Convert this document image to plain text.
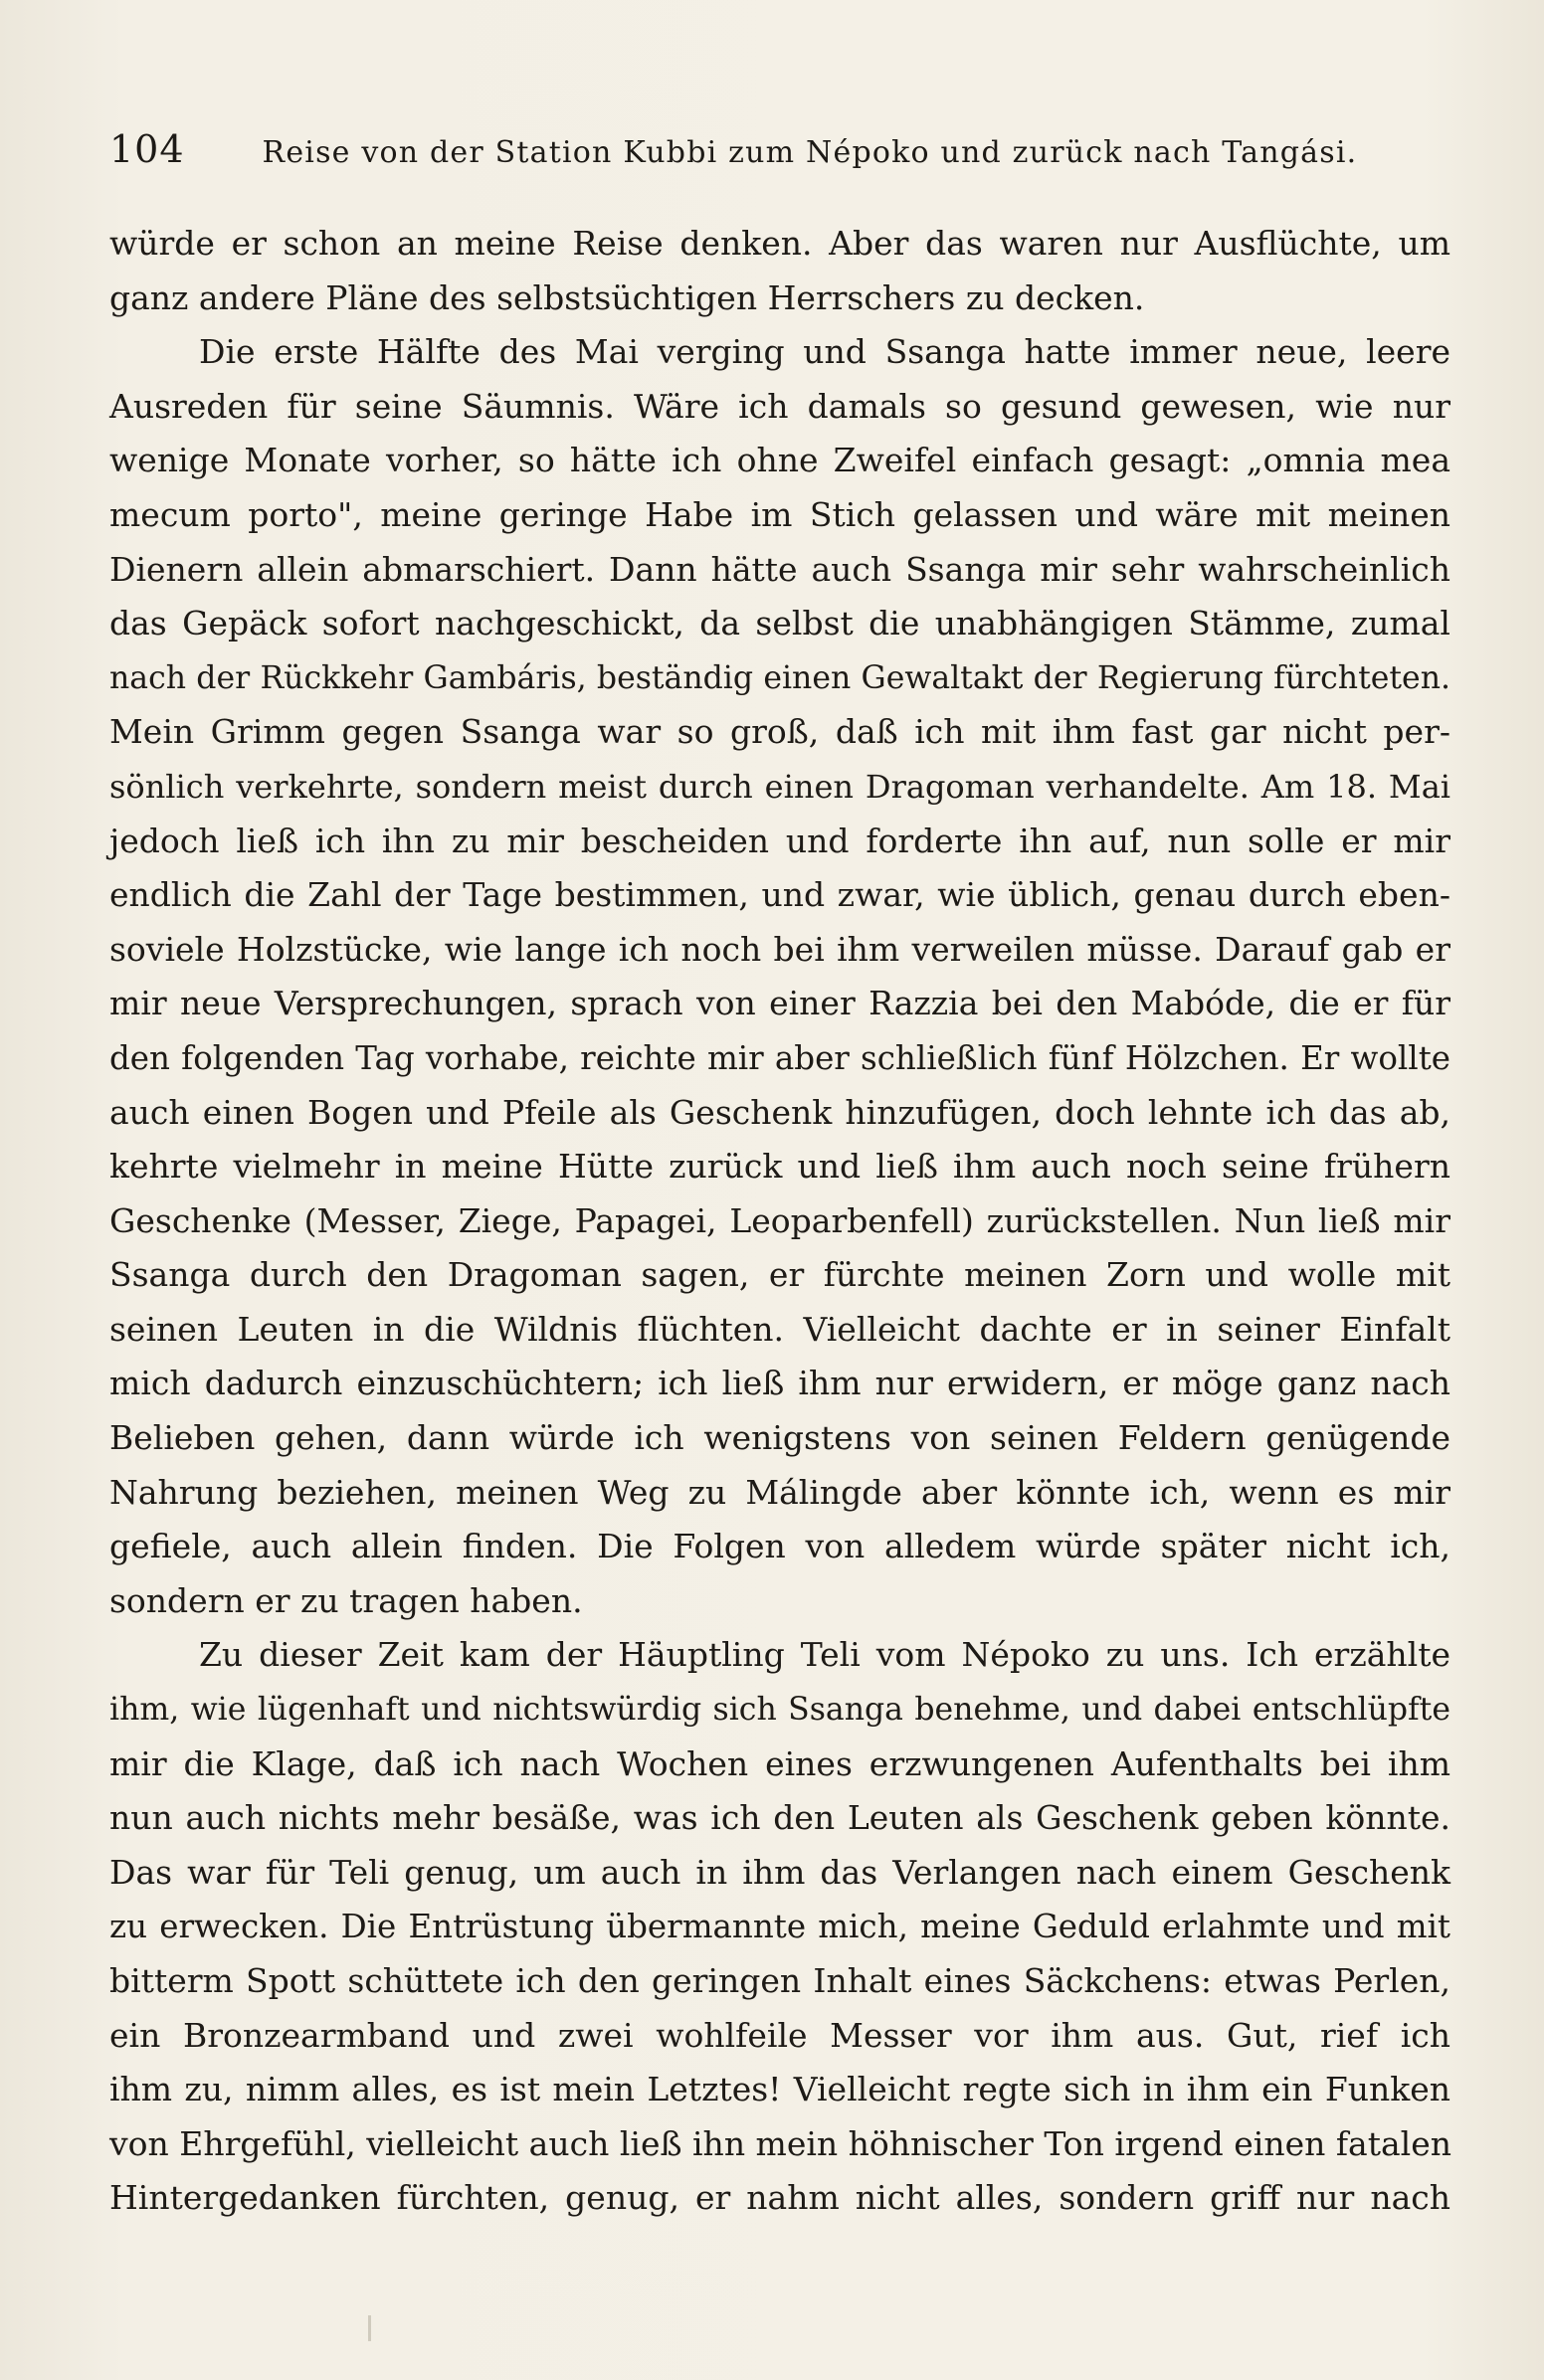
104	Reise von der Station Kubbi zum Népoko und zurück nach Tangási.
würde er schon an meine Reise denken. Aber das waren nur Ausflüchte, um
ganz andere Pläne des selbstsüchtigen Herrschers zu decken.
Die erste Hälfte des Mai verging und Ssanga hatte immer neue, leere
Ausreden für seine Säumnis. Wäre ich damals so gesund gewesen, wie nur
wenige Monate vorher, so hätte ich ohne Zweifel einfach gesagt: „omnia mea
mecum porto", meine geringe Habe im Stich gelassen und wäre mit meinen
Dienern allein abmarschiert. Dann hätte auch Ssanga mir sehr wahrscheinlich
das Gepäck sofort nachgeschickt, da selbst die unabhängigen Stämme, zumal
nach der Rückkehr Gambáris, beständig einen Gewaltakt der Regierung fürchteten.
Mein Grimm gegen Ssanga war so groß, daß ich mit ihm fast gar nicht per-
sönlich verkehrte, sondern meist durch einen Dragoman verhandelte. Am 18. Mai
jedoch ließ ich ihn zu mir bescheiden und forderte ihn auf, nun solle er mir
endlich die Zahl der Tage bestimmen, und zwar, wie üblich, genau durch eben-
soviele Holzstücke, wie lange ich noch bei ihm verweilen müsse. Darauf gab er
mir neue Versprechungen, sprach von einer Razzia bei den Mabóde, die er für
den folgenden Tag vorhabe, reichte mir aber schließlich fünf Hölzchen. Er wollte
auch einen Bogen und Pfeile als Geschenk hinzufügen, doch lehnte ich das ab,
kehrte vielmehr in meine Hütte zurück und ließ ihm auch noch seine frühern
Geschenke (Messer, Ziege, Papagei, Leoparbenfell) zurückstellen. Nun ließ mir
Ssanga durch den Dragoman sagen, er fürchte meinen Zorn und wolle mit
seinen Leuten in die Wildnis flüchten. Vielleicht dachte er in seiner Einfalt
mich dadurch einzuschüchtern; ich ließ ihm nur erwidern, er möge ganz nach
Belieben gehen, dann würde ich wenigstens von seinen Feldern genügende
Nahrung beziehen, meinen Weg zu Málingde aber könnte ich, wenn es mir
gefiele, auch allein finden. Die Folgen von alledem würde später nicht ich,
sondern er zu tragen haben.
Zu dieser Zeit kam der Häuptling Teli vom Népoko zu uns. Ich erzählte
ihm, wie lügenhaft und nichtswürdig sich Ssanga benehme, und dabei entschlüpfte
mir die Klage, daß ich nach Wochen eines erzwungenen Aufenthalts bei ihm
nun auch nichts mehr besäße, was ich den Leuten als Geschenk geben könnte.
Das war für Teli genug, um auch in ihm das Verlangen nach einem Geschenk
zu erwecken. Die Entrüstung übermannte mich, meine Geduld erlahmte und mit
bitterm Spott schüttete ich den geringen Inhalt eines Säckchens: etwas Perlen,
ein Bronzearmband und zwei wohlfeile Messer vor ihm aus. Gut, rief ich
ihm zu, nimm alles, es ist mein Letztes! Vielleicht regte sich in ihm ein Funken
von Ehrgefühl, vielleicht auch ließ ihn mein höhnischer Ton irgend einen fatalen
Hintergedanken fürchten, genug, er nahm nicht alles, sondern griff nur nach
